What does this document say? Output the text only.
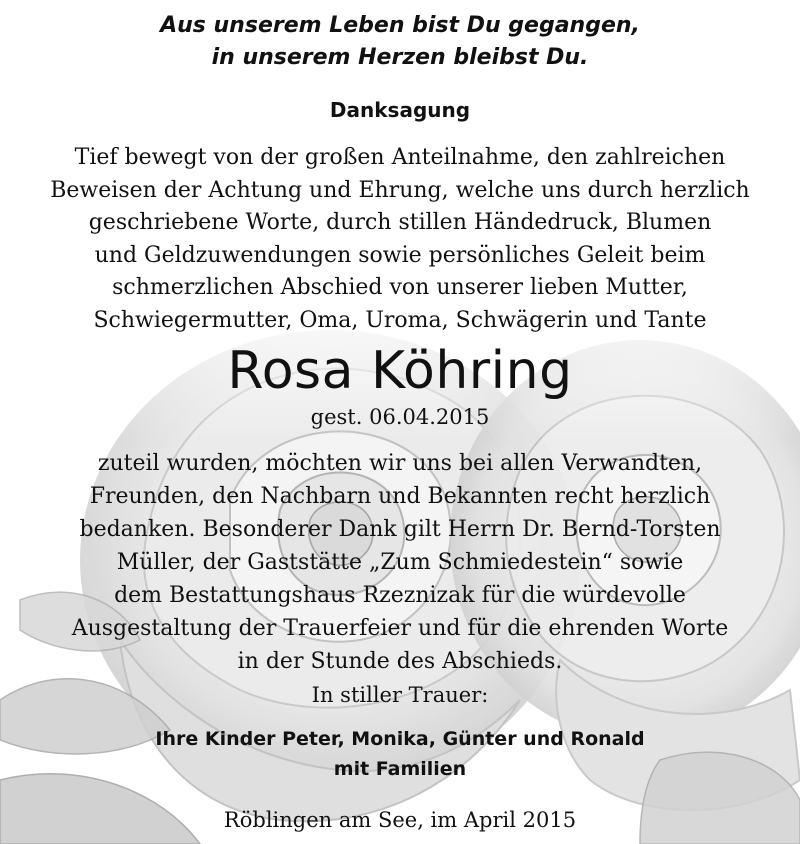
Aus unserem Leben bist Du gegangen,
in unserem Herzen bleibst Du.
Danksagung
Tief bewegt von der großen Anteilnahme, den zahlreichen
Beweisen der Achtung und Ehrung, welche uns durch herzlich
geschriebene Worte, durch stillen Händedruck, Blumen
und Geldzuwendungen sowie persönliches Geleit beim
schmerzlichen Abschied von unserer lieben Mutter,
Schwiegermutter, Oma, Uroma, Schwägerin und Tante
Rosa Köhring
gest. 06.04.2015
zuteil wurden, möchten wir uns bei allen Verwandten,
Freunden, den Nachbarn und Bekannten recht herzlich
bedanken. Besonderer Dank gilt Herrn Dr. Bernd-Torsten
Müller, der Gaststätte „Zum Schmiedestein“ sowie
dem Bestattungshaus Rzeznizak für die würdevolle
Ausgestaltung der Trauerfeier und für die ehrenden Worte
in der Stunde des Abschieds.
In stiller Trauer:
Ihre Kinder Peter, Monika, Günter und Ronald
mit Familien
Röblingen am See, im April 2015
